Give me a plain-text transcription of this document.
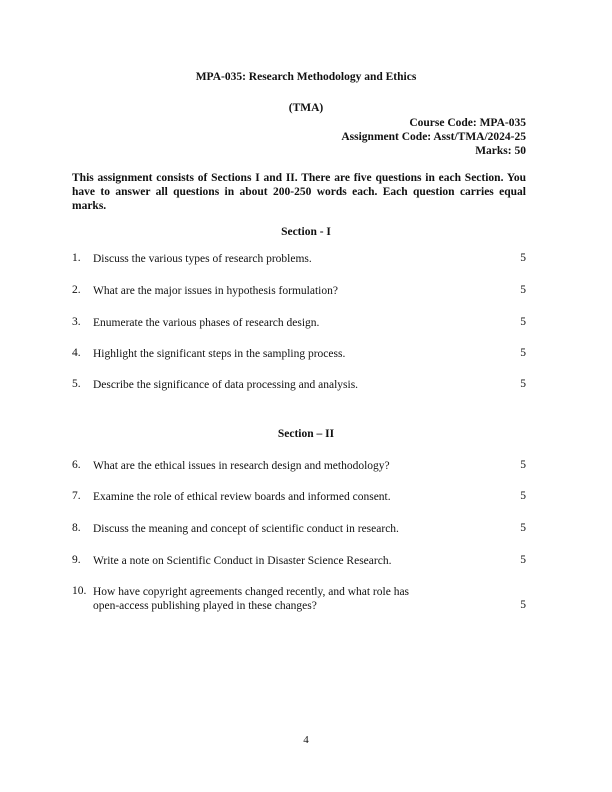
MPA-035: Research Methodology and Ethics
(TMA)
Course Code: MPA-035
Assignment Code: Asst/TMA/2024-25
Marks: 50
This assignment consists of Sections I and II. There are five questions in each Section. You have to answer all questions in about 200-250 words each. Each question carries equal marks.
Section - I
1. Discuss the various types of research problems.	5
2. What are the major issues in hypothesis formulation?	5
3. Enumerate the various phases of research design.	5
4. Highlight the significant steps in the sampling process.	5
5. Describe the significance of data processing and analysis.	5
Section – II
6. What are the ethical issues in research design and methodology?	5
7. Examine the role of ethical review boards and informed consent.	5
8. Discuss the meaning and concept of scientific conduct in research.	5
9. Write a note on Scientific Conduct in Disaster Science Research.	5
10. How have copyright agreements changed recently, and what role has
open-access publishing played in these changes?	5
4
